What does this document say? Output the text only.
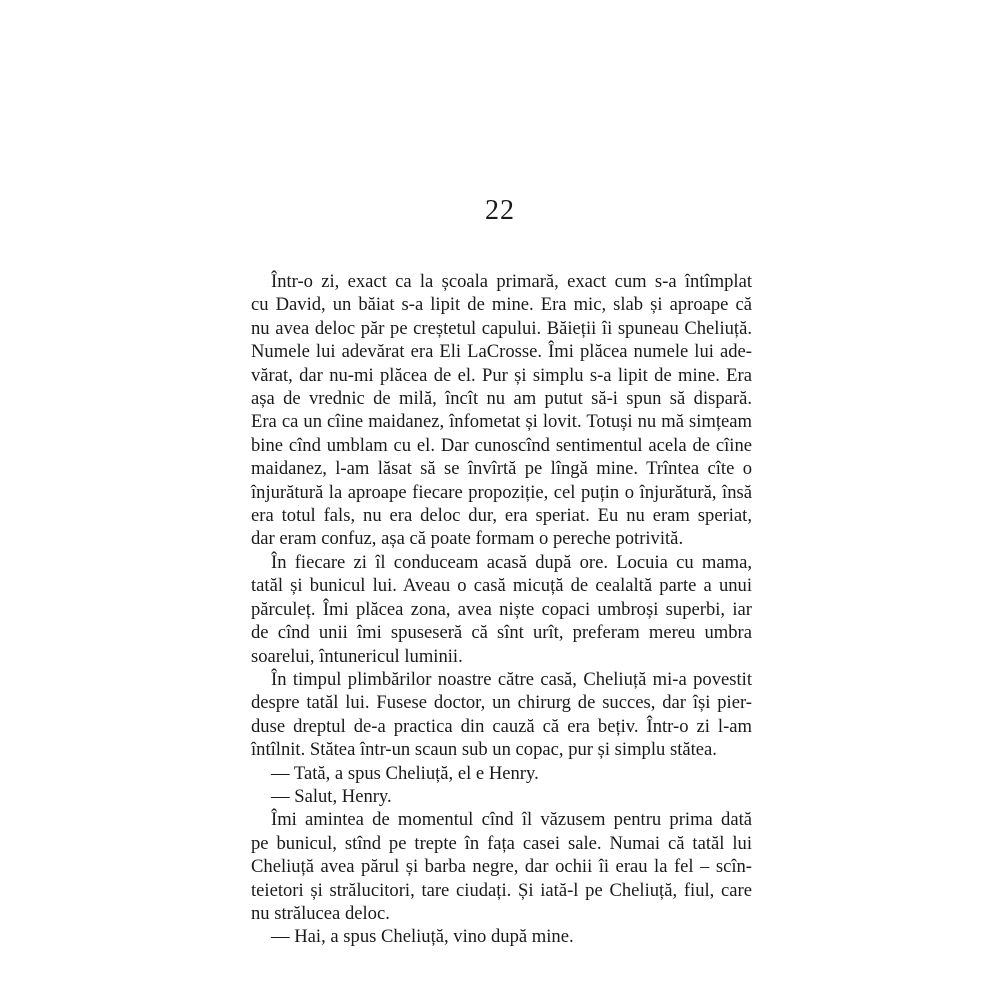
22
Într-o zi, exact ca la școala primară, exact cum s-a întîmplat
cu David, un băiat s-a lipit de mine. Era mic, slab și aproape că
nu avea deloc păr pe creștetul capului. Băieții îi spuneau Cheliuță.
Numele lui adevărat era Eli LaCrosse. Îmi plăcea numele lui ade-
vărat, dar nu-mi plăcea de el. Pur și simplu s-a lipit de mine. Era
așa de vrednic de milă, încît nu am putut să-i spun să dispară.
Era ca un cîine maidanez, înfometat și lovit. Totuși nu mă simțeam
bine cînd umblam cu el. Dar cunoscînd sentimentul acela de cîine
maidanez, l-am lăsat să se învîrtă pe lîngă mine. Trîntea cîte o
înjurătură la aproape fiecare propoziție, cel puțin o înjurătură, însă
era totul fals, nu era deloc dur, era speriat. Eu nu eram speriat,
dar eram confuz, așa că poate formam o pereche potrivită.
În fiecare zi îl conduceam acasă după ore. Locuia cu mama,
tatăl și bunicul lui. Aveau o casă micuță de cealaltă parte a unui
părculeț. Îmi plăcea zona, avea niște copaci umbroși superbi, iar
de cînd unii îmi spuseseră că sînt urît, preferam mereu umbra
soarelui, întunericul luminii.
În timpul plimbărilor noastre către casă, Cheliuță mi-a povestit
despre tatăl lui. Fusese doctor, un chirurg de succes, dar își pier-
duse dreptul de-a practica din cauză că era bețiv. Într-o zi l-am
întîlnit. Stătea într-un scaun sub un copac, pur și simplu stătea.
— Tată, a spus Cheliuță, el e Henry.
— Salut, Henry.
Îmi amintea de momentul cînd îl văzusem pentru prima dată
pe bunicul, stînd pe trepte în fața casei sale. Numai că tatăl lui
Cheliuță avea părul și barba negre, dar ochii îi erau la fel – scîn-
teietori și strălucitori, tare ciudați. Și iată-l pe Cheliuță, fiul, care
nu strălucea deloc.
— Hai, a spus Cheliuță, vino după mine.
